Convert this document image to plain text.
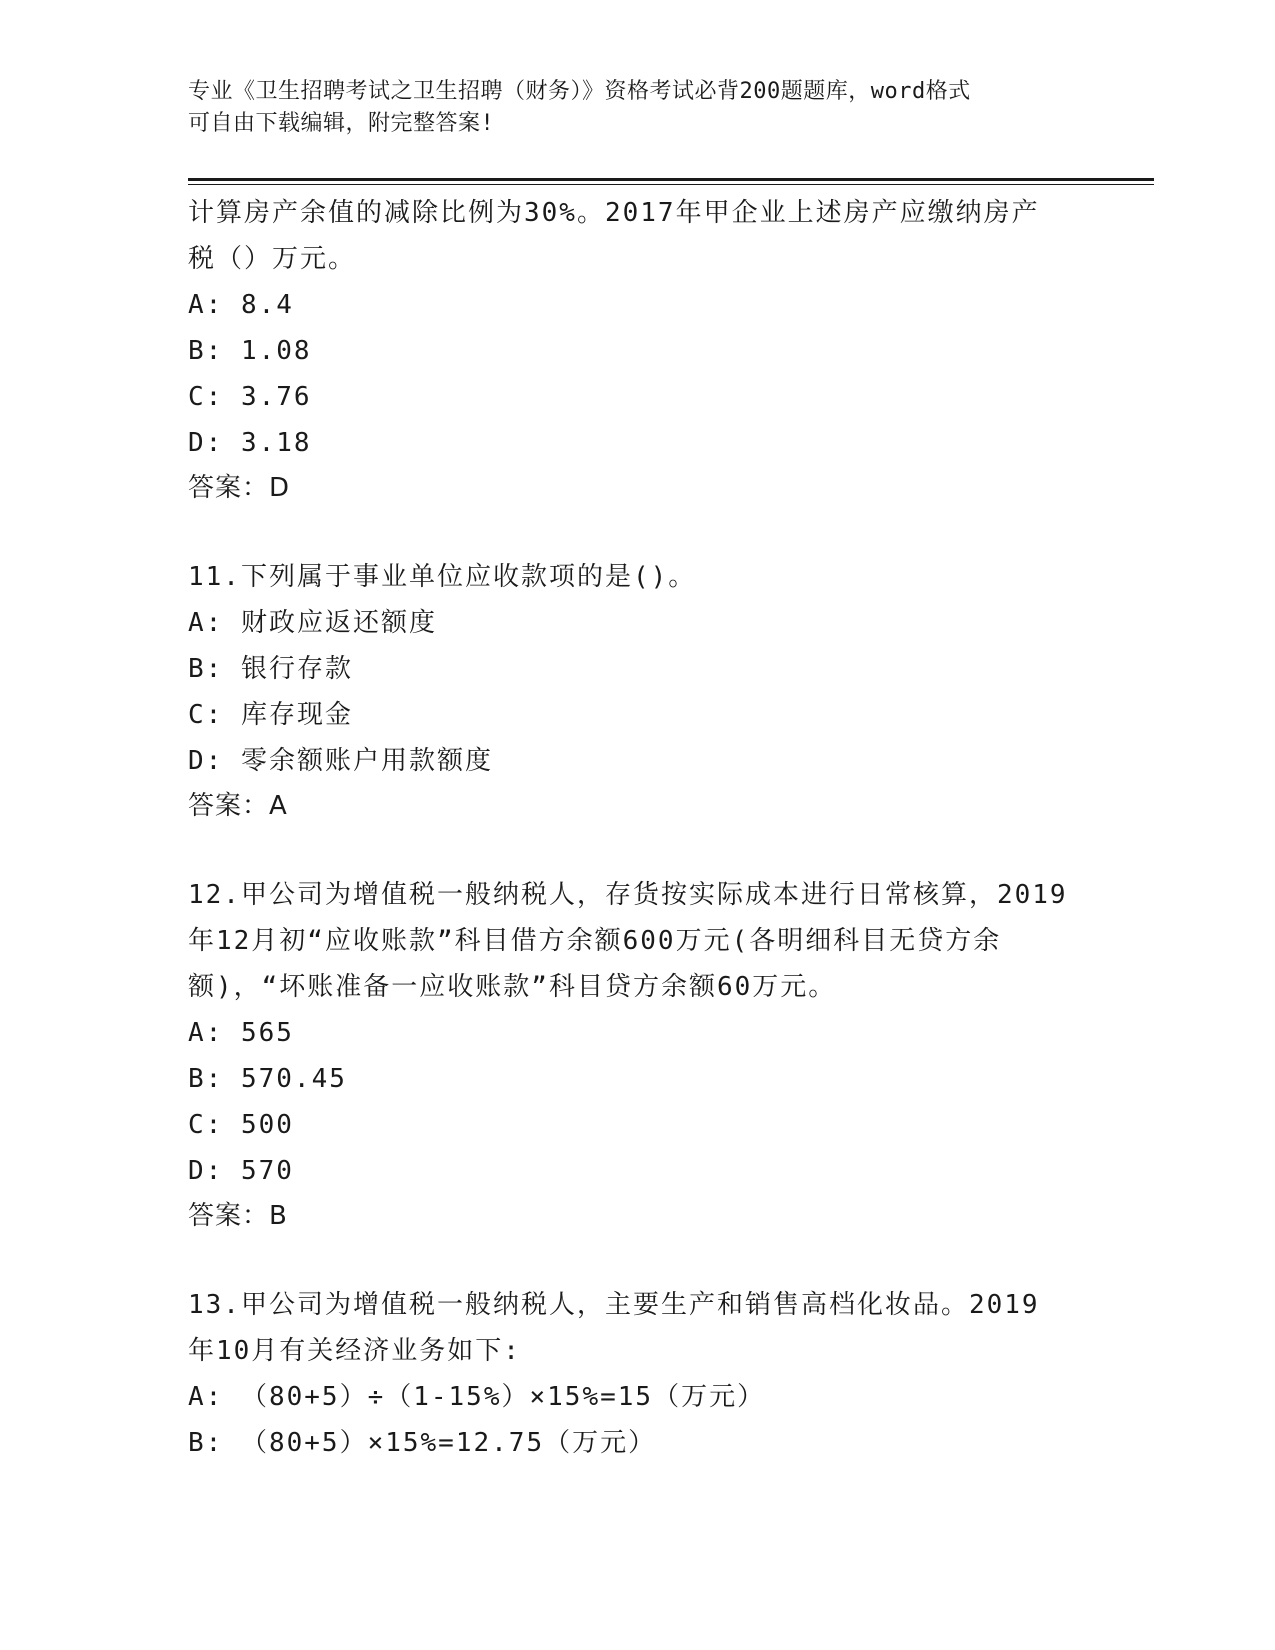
专业《卫生招聘考试之卫生招聘（财务）》资格考试必背200题题库，word格式
可自由下载编辑，附完整答案!
计算房产余值的减除比例为30%。2017年甲企业上述房产应缴纳房产
税（）万元。
A: 8.4
B: 1.08
C: 3.76
D: 3.18
答案：D
11.下列属于事业单位应收款项的是()。
A: 财政应返还额度
B: 银行存款
C: 库存现金
D: 零余额账户用款额度
答案：A
12.甲公司为增值税一般纳税人，存货按实际成本进行日常核算，2019
年12月初“应收账款”科目借方余额600万元(各明细科目无贷方余
额)，“坏账准备一应收账款”科目贷方余额60万元。
A: 565
B: 570.45
C: 500
D: 570
答案：B
13.甲公司为增值税一般纳税人，主要生产和销售高档化妆品。2019
年10月有关经济业务如下:
A: （80+5）÷（1-15%）×15%=15（万元）
B: （80+5）×15%=12.75（万元）
